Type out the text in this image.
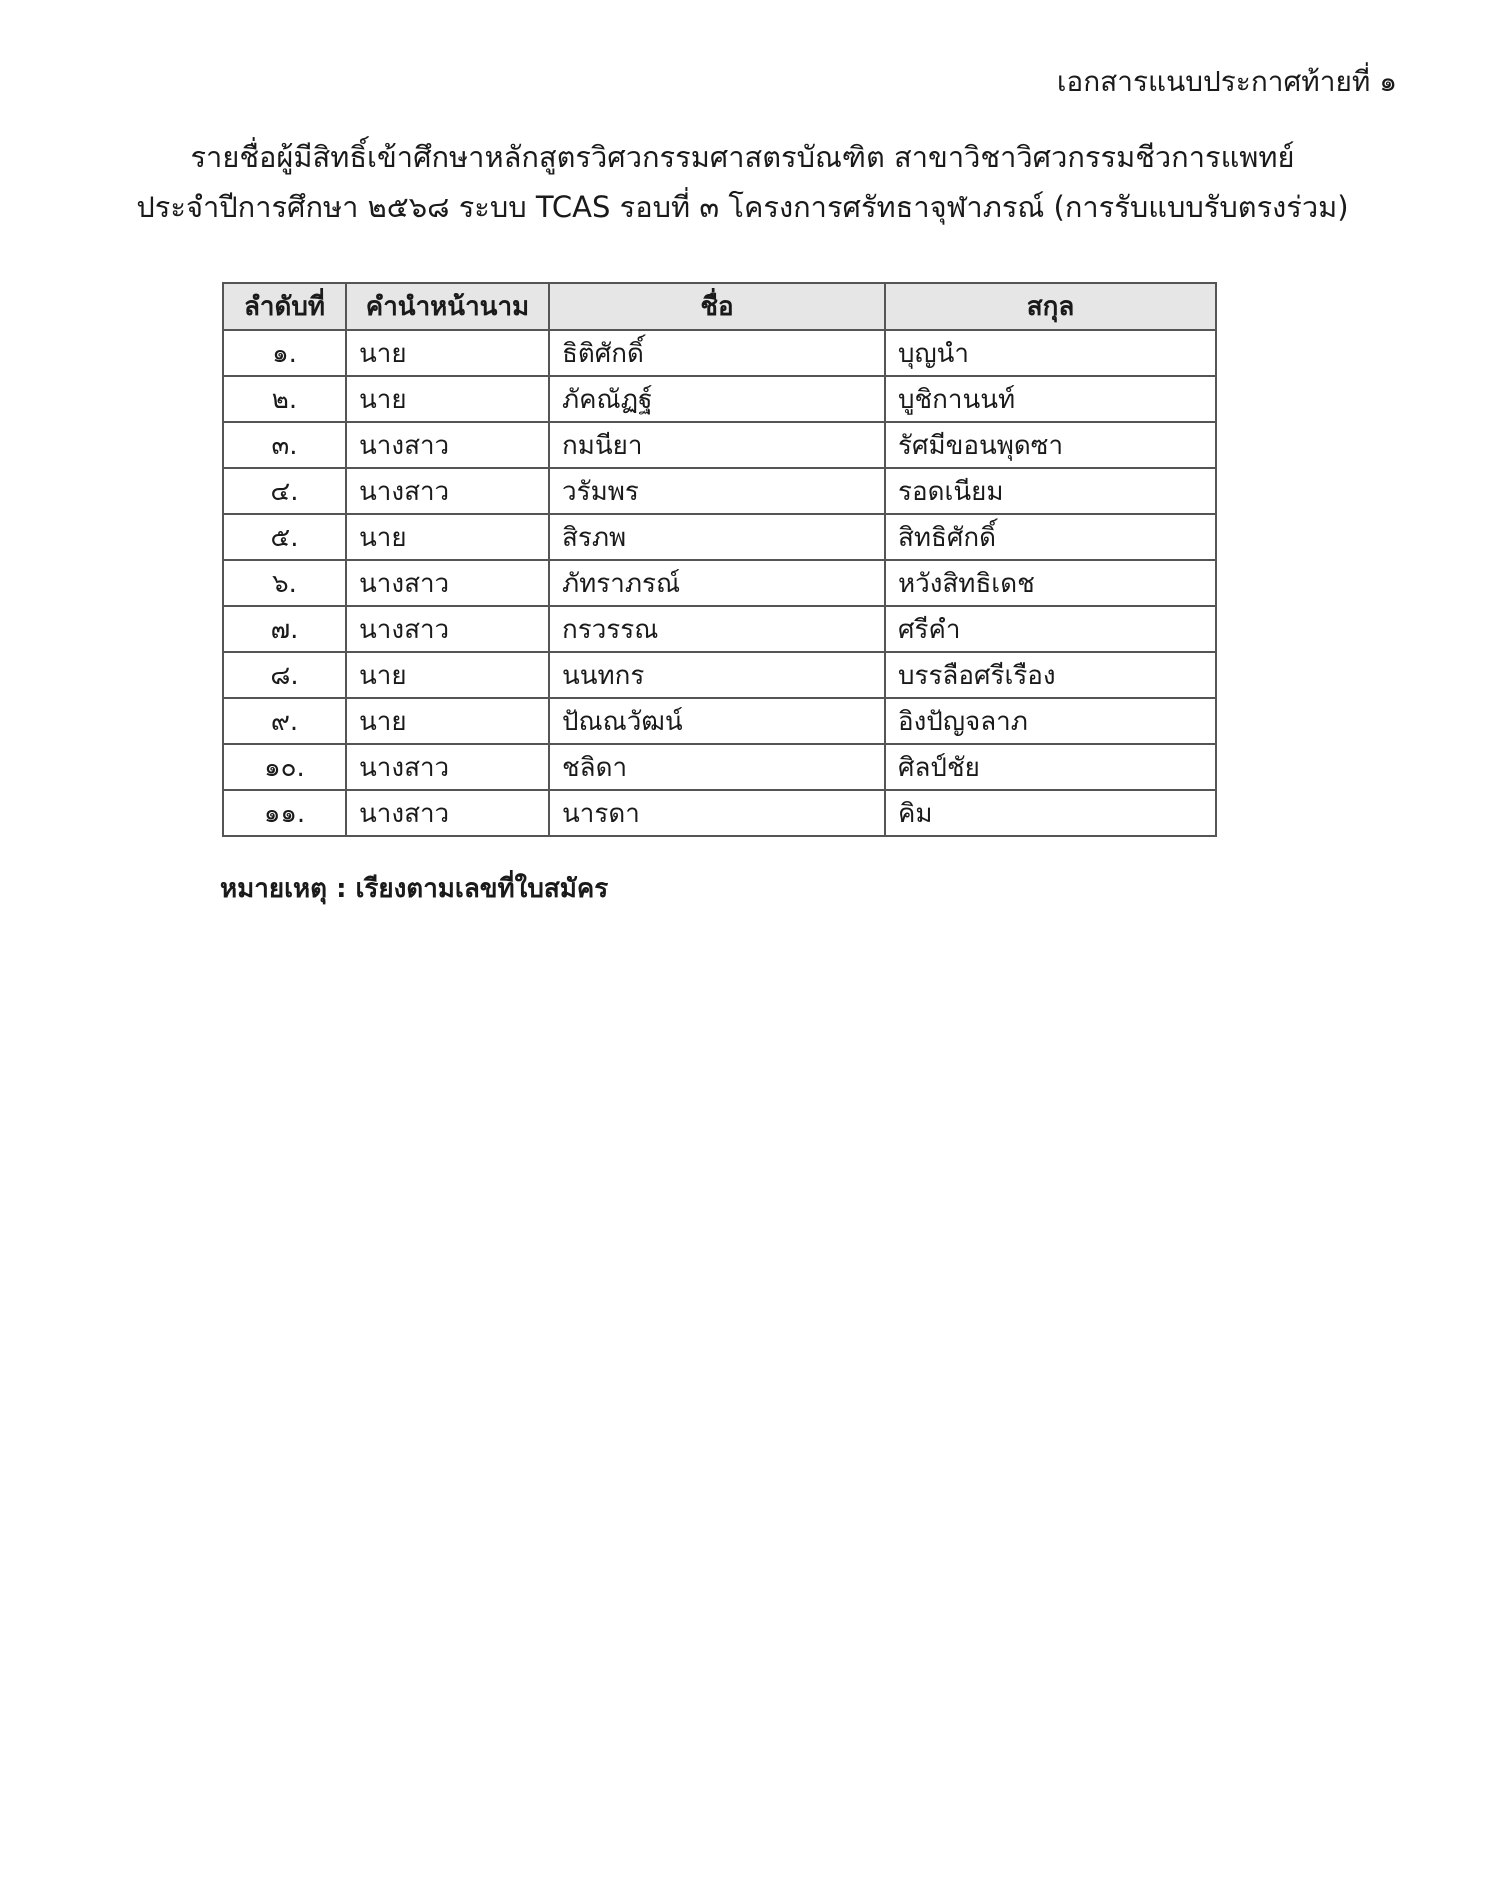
เอกสารแนบประกาศท้ายที่ ๑
รายชื่อผู้มีสิทธิ์เข้าศึกษาหลักสูตรวิศวกรรมศาสตรบัณฑิต สาขาวิชาวิศวกรรมชีวการแพทย์
ประจำปีการศึกษา ๒๕๖๘ ระบบ TCAS รอบที่ ๓ โครงการศรัทธาจุฬาภรณ์ (การรับแบบรับตรงร่วม)
ลำดับที่	คำนำหน้านาม	ชื่อ	สกุล
๑.	นาย	ธิติศักดิ์	บุญนำ
๒.	นาย	ภัคณัฏฐ์	บูชิกานนท์
๓.	นางสาว	กมนียา	รัศมีขอนพุดซา
๔.	นางสาว	วรัมพร	รอดเนียม
๕.	นาย	สิรภพ	สิทธิศักดิ์
๖.	นางสาว	ภัทราภรณ์	หวังสิทธิเดช
๗.	นางสาว	กรวรรณ	ศรีคำ
๘.	นาย	นนทกร	บรรลือศรีเรือง
๙.	นาย	ปัณณวัฒน์	อิงปัญจลาภ
๑๐.	นางสาว	ชลิดา	ศิลป์ชัย
๑๑.	นางสาว	นารดา	คิม
หมายเหตุ : เรียงตามเลขที่ใบสมัคร
